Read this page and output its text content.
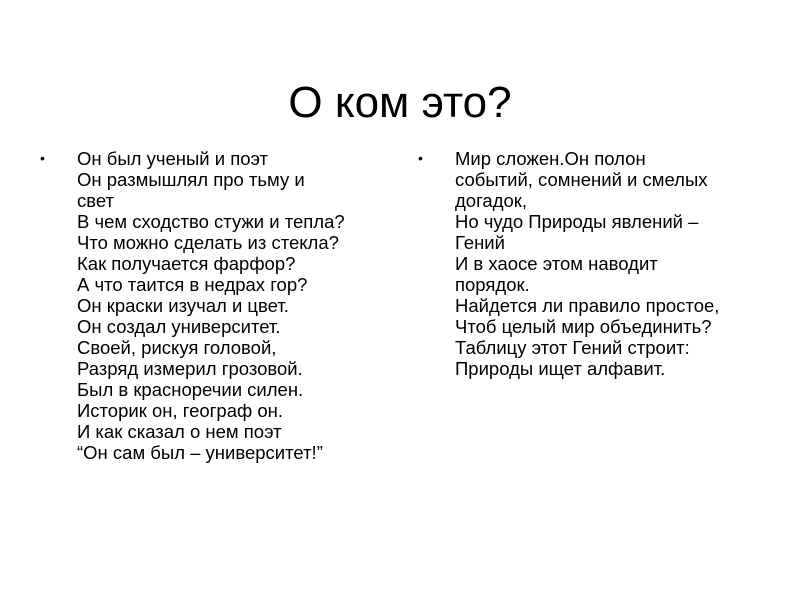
О ком это?
•	Он был ученый и поэт
Он размышлял про тьму и
свет
В чем сходство стужи и тепла?
Что можно сделать из стекла?
Как получается фарфор?
А что таится в недрах гор?
Он краски изучал и цвет.
Он создал университет.
Своей, рискуя головой,
Разряд измерил грозовой.
Был в красноречии силен.
Историк он, географ он.
И как сказал о нем поэт
“Он сам был – университет!”
•	Мир сложен.Он полон
событий, сомнений и смелых
догадок,
Но чудо Природы явлений –
Гений
И в хаосе этом наводит
порядок.
Найдется ли правило простое,
Чтоб целый мир объединить?
Таблицу этот Гений строит:
Природы ищет алфавит.
